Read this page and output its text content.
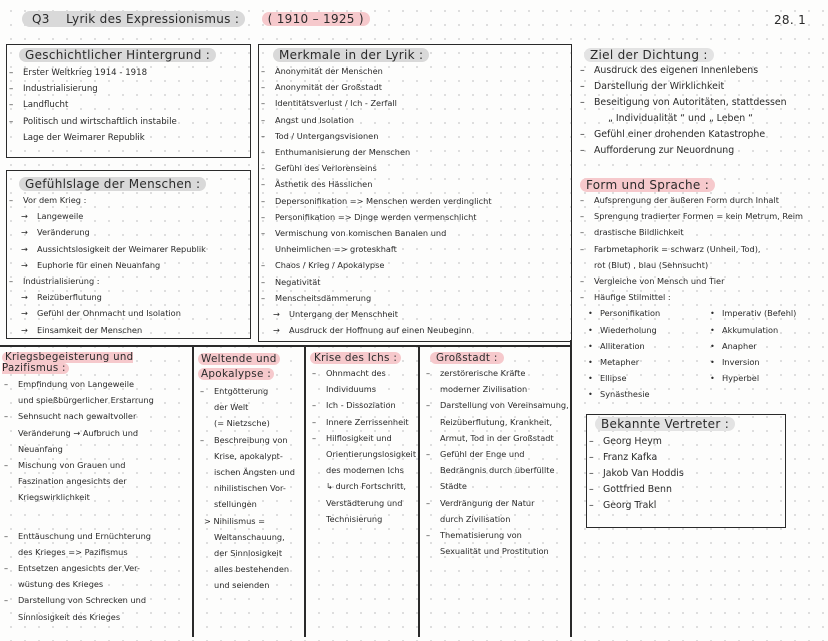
Q3 Lyrik des Expressionismus : ( 1910 – 1925 )	28. 1
Geschichtlicher Hintergrund :
– Erster Weltkrieg 1914 - 1918
– Industrialisierung
– Landflucht
– Politisch und wirtschaftlich instabile
Lage der Weimarer Republik
Gefühlslage der Menschen :
– Vor dem Krieg :
→ Langeweile
→ Veränderung
→ Aussichtslosigkeit der Weimarer Republik
→ Euphorie für einen Neuanfang
– Industrialisierung :
→ Reizüberflutung
→ Gefühl der Ohnmacht und Isolation
→ Einsamkeit der Menschen
Merkmale in der Lyrik :
– Anonymität der Menschen
– Anonymität der Großstadt
– Identitätsverlust / Ich - Zerfall
– Angst und Isolation
– Tod / Untergangsvisionen
– Enthumanisierung der Menschen
– Gefühl des Verlorenseins
– Ästhetik des Hässlichen
– Depersonifikation => Menschen werden verdinglicht
– Personifikation => Dinge werden vermenschlicht
– Vermischung von komischen Banalen und
Unheimlichen => groteskhaft
– Chaos / Krieg / Apokalypse
– Negativität
– Menscheitsdämmerung
→ Untergang der Menschheit
→ Ausdruck der Hoffnung auf einen Neubeginn
Ziel der Dichtung :
– Ausdruck des eigenen Innenlebens
– Darstellung der Wirklichkeit
– Beseitigung von Autoritäten, stattdessen
„ Individualität “ und „ Leben “
– Gefühl einer drohenden Katastrophe
– Aufforderung zur Neuordnung
Form und Sprache :
– Aufsprengung der äußeren Form durch Inhalt
– Sprengung tradierter Formen = kein Metrum, Reim
– drastische Bildlichkeit
– Farbmetaphorik = schwarz (Unheil, Tod),
rot (Blut) , blau (Sehnsucht)
– Vergleiche von Mensch und Tier
– Häufige Stilmittel :
• Personifikation
• Wiederholung
• Alliteration
• Metapher
• Ellipse
• Synästhesie
• Imperativ (Befehl)
• Akkumulation
• Anapher
• Inversion
• Hyperbel
Bekannte Vertreter :
– Georg Heym
– Franz Kafka
– Jakob Van Hoddis
– Gottfried Benn
– Georg Trakl
Kriegsbegeisterung und Pazifismus :
– Empfindung von Langeweile
und spießbürgerlicher Erstarrung
– Sehnsucht nach gewaltvoller
Veränderung → Aufbruch und
Neuanfang
– Mischung von Grauen und
Faszination angesichts der
Kriegswirklichkeit
– Enttäuschung und Ernüchterung
des Krieges => Pazifismus
– Entsetzen angesichts der Ver-
wüstung des Krieges
– Darstellung von Schrecken und
Sinnlosigkeit des Krieges
Weltende und
Apokalypse :
– Entgötterung
der Welt
(= Nietzsche)
– Beschreibung von
Krise, apokalypt-
ischen Ängsten und
nihilistischen Vor-
stellungen
> Nihilismus =
Weltanschauung,
der Sinnlosigkeit
alles bestehenden
und seienden
Krise des Ichs :
– Ohnmacht des
Individuums
– Ich - Dissoziation
– Innere Zerrissenheit
– Hilflosigkeit und
Orientierungslosigkeit
des modernen Ichs
↳ durch Fortschritt,
Verstädterung und
Technisierung
Großstadt :
– zerstörerische Kräfte
moderner Zivilisation
– Darstellung von Vereinsamung,
Reizüberflutung, Krankheit,
Armut, Tod in der Großstadt
– Gefühl der Enge und
Bedrängnis durch überfüllte
Städte
– Verdrängung der Natur
durch Zivilisation
– Thematisierung von
Sexualität und Prostitution
